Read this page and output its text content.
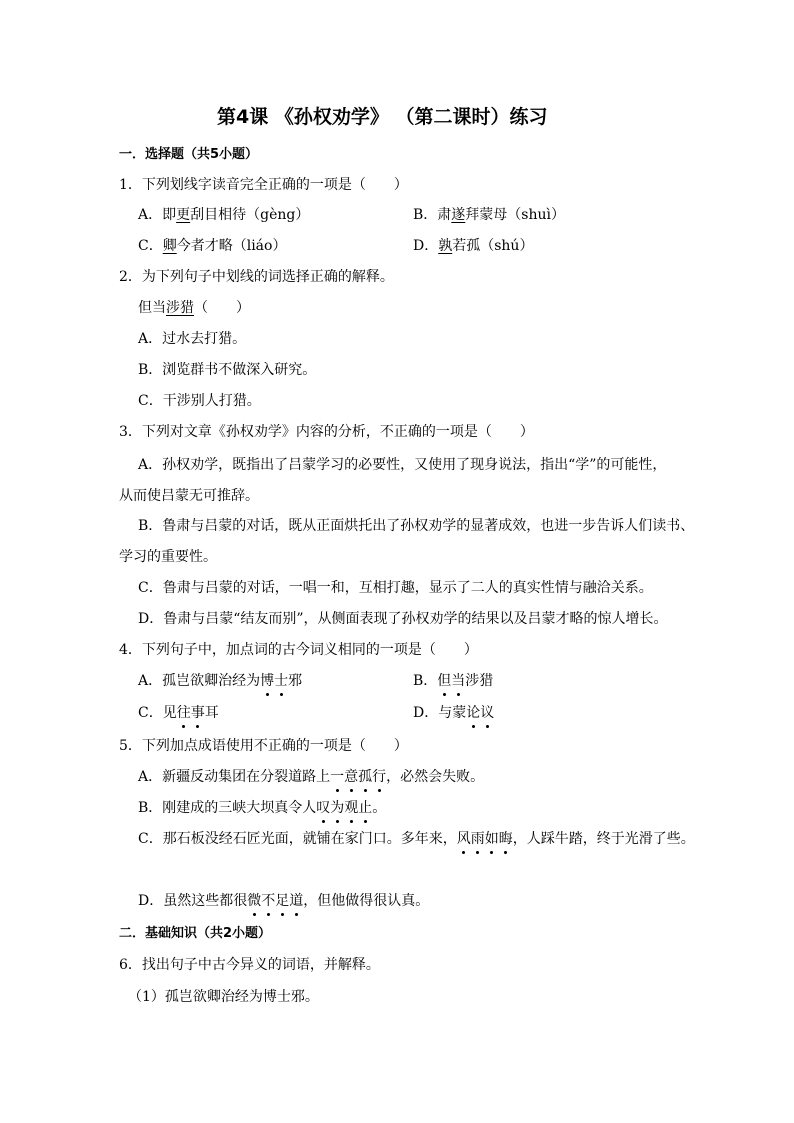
第4课 《孙权劝学》 （第二课时）练习
一．选择题（共5小题）
1．下列划线字读音完全正确的一项是（　　）
A．即更刮目相待（gèng）	B．肃遂拜蒙母（shuì）
C．卿今者才略（liáo）	D．孰若孤（shú）
2．为下列句子中划线的词选择正确的解释。
但当涉猎（　　）
A．过水去打猎。
B．浏览群书不做深入研究。
C．干涉别人打猎。
3．下列对文章《孙权劝学》内容的分析，不正确的一项是（　　）
A．孙权劝学，既指出了吕蒙学习的必要性，又使用了现身说法，指出“学”的可能性，
从而使吕蒙无可推辞。
B．鲁肃与吕蒙的对话，既从正面烘托出了孙权劝学的显著成效，也进一步告诉人们读书、
学习的重要性。
C．鲁肃与吕蒙的对话，一唱一和，互相打趣，显示了二人的真实性情与融洽关系。
D．鲁肃与吕蒙“结友而别”，从侧面表现了孙权劝学的结果以及吕蒙才略的惊人增长。
4．下列句子中，加点词的古今词义相同的一项是（　　）
A．孤岂欲卿治经为博士邪	B．但当涉猎
C．见往事耳	D．与蒙论议
5．下列加点成语使用不正确的一项是（　　）
A．新疆反动集团在分裂道路上一意孤行，必然会失败。
B．刚建成的三峡大坝真令人叹为观止。
C．那石板没经石匠光面，就铺在家门口。多年来，风雨如晦，人踩牛踏，终于光滑了些。
D．虽然这些都很微不足道，但他做得很认真。
二．基础知识（共2小题）
6．找出句子中古今异义的词语，并解释。
（1）孤岂欲卿治经为博士邪。
